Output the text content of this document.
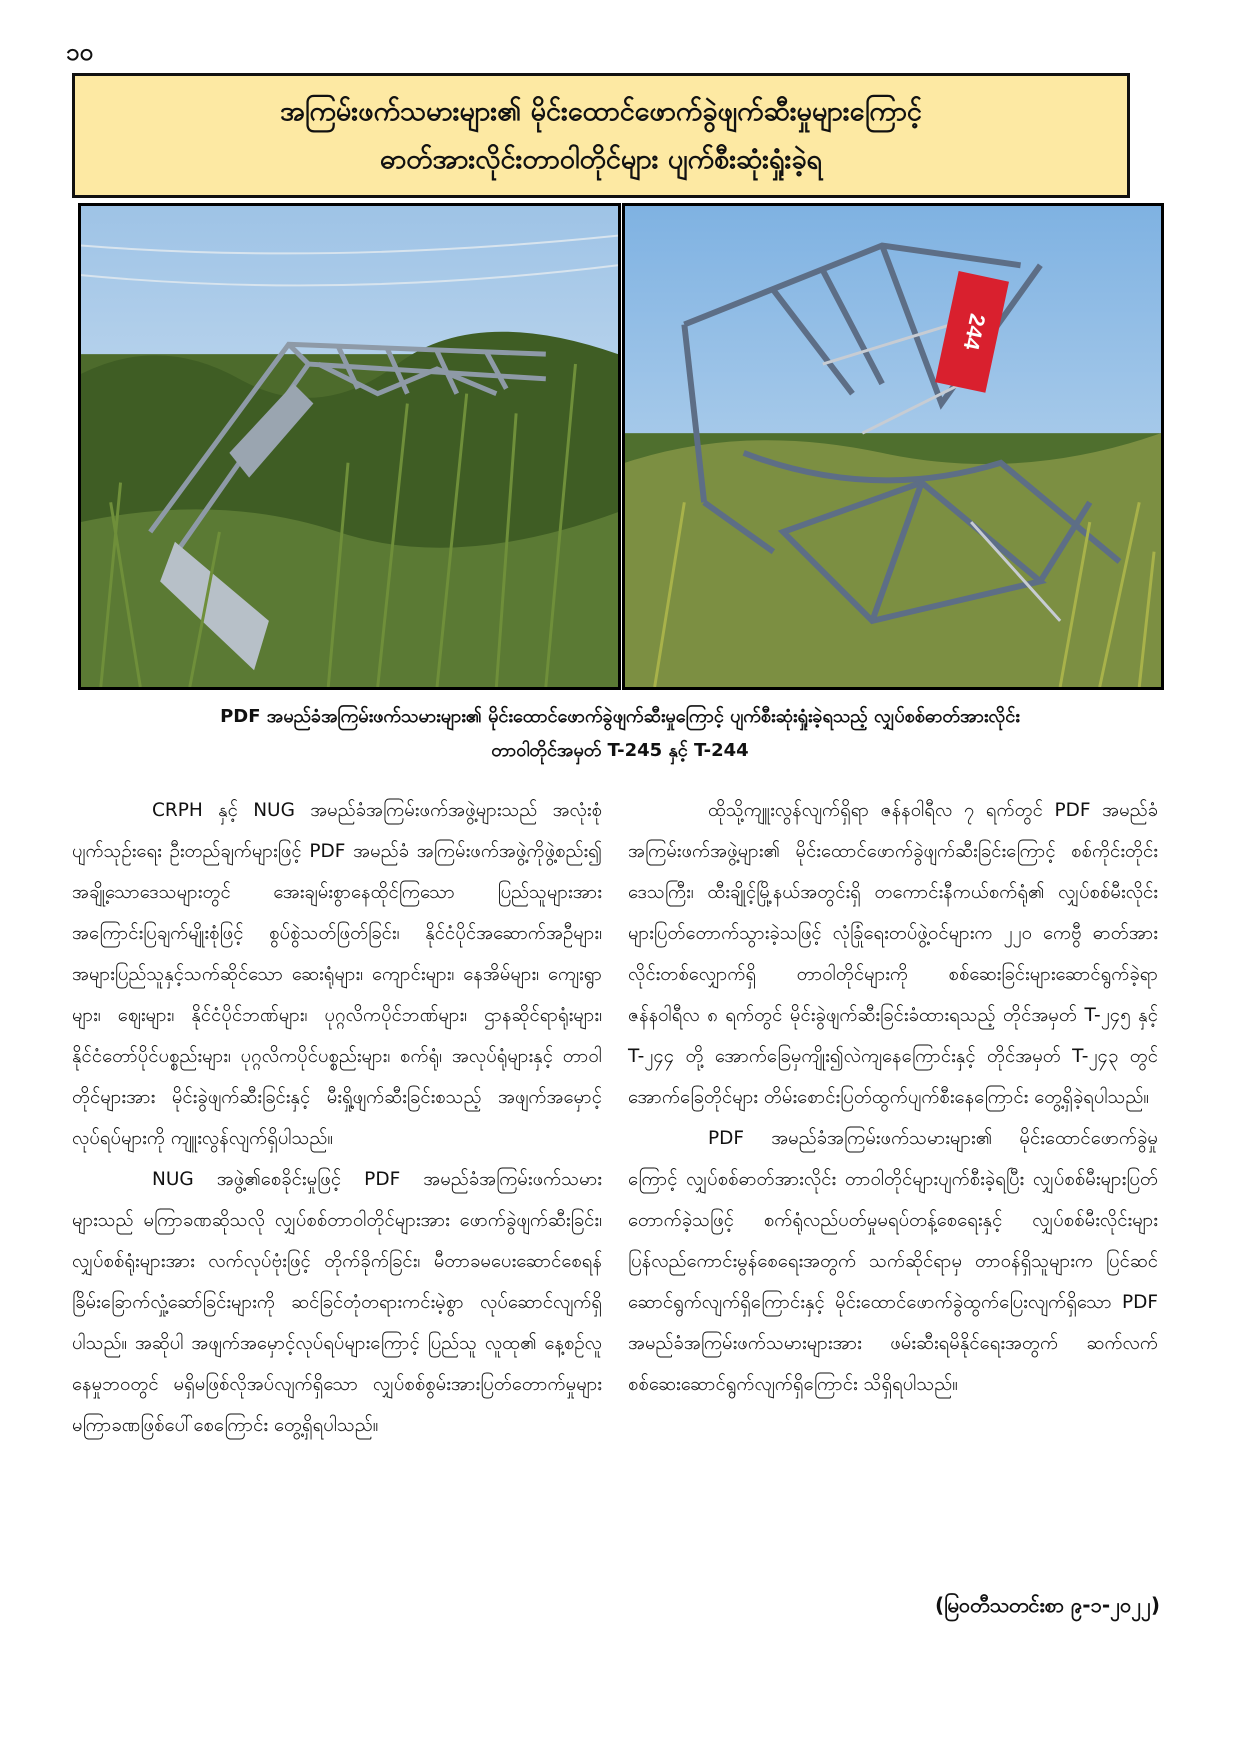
၁၀
အကြမ်းဖက်သမားများ၏ မိုင်းထောင်ဖောက်ခွဲဖျက်ဆီးမှုများကြောင့်
ဓာတ်အားလိုင်းတာဝါတိုင်များ ပျက်စီးဆုံးရှုံးခဲ့ရ
244
PDF အမည်ခံအကြမ်းဖက်သမားများ၏ မိုင်းထောင်ဖောက်ခွဲဖျက်ဆီးမှုကြောင့် ပျက်စီးဆုံးရှုံးခဲ့ရသည့် လျှပ်စစ်ဓာတ်အားလိုင်း
တာဝါတိုင်အမှတ် T-245 နှင့် T-244

CRPH နှင့် NUG အမည်ခံအကြမ်းဖက်အဖွဲ့များသည် အလုံးစုံပျက်သုဉ်းရေး ဦးတည်ချက်များဖြင့် PDF အမည်ခံ အကြမ်းဖက်အဖွဲ့ကိုဖွဲ့စည်း၍ အချို့သောဒေသများတွင် အေးချမ်းစွာနေထိုင်ကြသော ပြည်သူများအား အကြောင်းပြချက်မျိုးစုံဖြင့် စွပ်စွဲသတ်ဖြတ်ခြင်း၊ နိုင်ငံပိုင်အဆောက်အဦများ၊ အများပြည်သူနှင့်သက်ဆိုင်သော ဆေးရုံများ၊ ကျောင်းများ၊ နေအိမ်များ၊ ကျေးရွာများ၊ ဈေးများ၊ နိုင်ငံပိုင်ဘဏ်များ၊ ပုဂ္ဂလိကပိုင်ဘဏ်များ၊ ဌာနဆိုင်ရာရုံးများ၊ နိုင်ငံတော်ပိုင်ပစ္စည်းများ၊ ပုဂ္ဂလိကပိုင်ပစ္စည်းများ၊ စက်ရုံ၊ အလုပ်ရုံများနှင့် တာဝါတိုင်များအား မိုင်းခွဲဖျက်ဆီးခြင်းနှင့် မီးရှို့ဖျက်ဆီးခြင်းစသည့် အဖျက်အမှောင့်လုပ်ရပ်များကို ကျူးလွန်လျက်ရှိပါသည်။

NUG အဖွဲ့၏စေခိုင်းမှုဖြင့် PDF အမည်ခံအကြမ်းဖက်သမားများသည် မကြာခဏဆိုသလို လျှပ်စစ်တာဝါတိုင်များအား ဖောက်ခွဲဖျက်ဆီးခြင်း၊ လျှပ်စစ်ရုံးများအား လက်လုပ်ဗုံးဖြင့် တိုက်ခိုက်ခြင်း၊ မီတာခမပေးဆောင်စေရန် ခြိမ်းခြောက်လှုံ့ဆော်ခြင်းများကို ဆင်ခြင်တုံတရားကင်းမဲ့စွာ လုပ်ဆောင်လျက်ရှိပါသည်။ အဆိုပါ အဖျက်အမှောင့်လုပ်ရပ်များကြောင့် ပြည်သူ လူထု၏ နေ့စဉ်လူနေမှုဘဝတွင် မရှိမဖြစ်လိုအပ်လျက်ရှိသော လျှပ်စစ်စွမ်းအားပြတ်တောက်မှုများ မကြာခဏဖြစ်ပေါ်စေကြောင်း တွေ့ရှိရပါသည်။

ထိုသို့ကျူးလွန်လျက်ရှိရာ ဇန်နဝါရီလ ၇ ရက်တွင် PDF အမည်ခံအကြမ်းဖက်အဖွဲ့များ၏ မိုင်းထောင်ဖောက်ခွဲဖျက်ဆီးခြင်းကြောင့် စစ်ကိုင်းတိုင်းဒေသကြီး၊ ထီးချိုင့်မြို့နယ်အတွင်းရှိ တကောင်းနီကယ်စက်ရုံ၏ လျှပ်စစ်မီးလိုင်းများပြတ်တောက်သွားခဲ့သဖြင့် လုံခြုံရေးတပ်ဖွဲ့ဝင်များက ၂၂၀ ကေဗွီ ဓာတ်အားလိုင်းတစ်လျှောက်ရှိ တာဝါတိုင်များကို စစ်ဆေးခြင်းများဆောင်ရွက်ခဲ့ရာ ဇန်နဝါရီလ ၈ ရက်တွင် မိုင်းခွဲဖျက်ဆီးခြင်းခံထားရသည့် တိုင်အမှတ် T-၂၄၅ နှင့် T-၂၄၄ တို့ အောက်ခြေမှကျိုး၍လဲကျနေကြောင်းနှင့် တိုင်အမှတ် T-၂၄၃ တွင် အောက်ခြေတိုင်များ တိမ်းစောင်းပြတ်ထွက်ပျက်စီးနေကြောင်း တွေ့ရှိခဲ့ရပါသည်။

PDF အမည်ခံအကြမ်းဖက်သမားများ၏ မိုင်းထောင်ဖောက်ခွဲမှုကြောင့် လျှပ်စစ်ဓာတ်အားလိုင်း တာဝါတိုင်များပျက်စီးခဲ့ရပြီး လျှပ်စစ်မီးများပြတ်တောက်ခဲ့သဖြင့် စက်ရုံလည်ပတ်မှုမရပ်တန့်စေရေးနှင့် လျှပ်စစ်မီးလိုင်းများ ပြန်လည်ကောင်းမွန်စေရေးအတွက် သက်ဆိုင်ရာမှ တာဝန်ရှိသူများက ပြင်ဆင်ဆောင်ရွက်လျက်ရှိကြောင်းနှင့် မိုင်းထောင်ဖောက်ခွဲထွက်ပြေးလျက်ရှိသော PDF အမည်ခံအကြမ်းဖက်သမားများအား ဖမ်းဆီးရမိနိုင်ရေးအတွက် ဆက်လက်စစ်ဆေးဆောင်ရွက်လျက်ရှိကြောင်း သိရှိရပါသည်။

(မြဝတီသတင်းစာ ၉-၁-၂၀၂၂)
